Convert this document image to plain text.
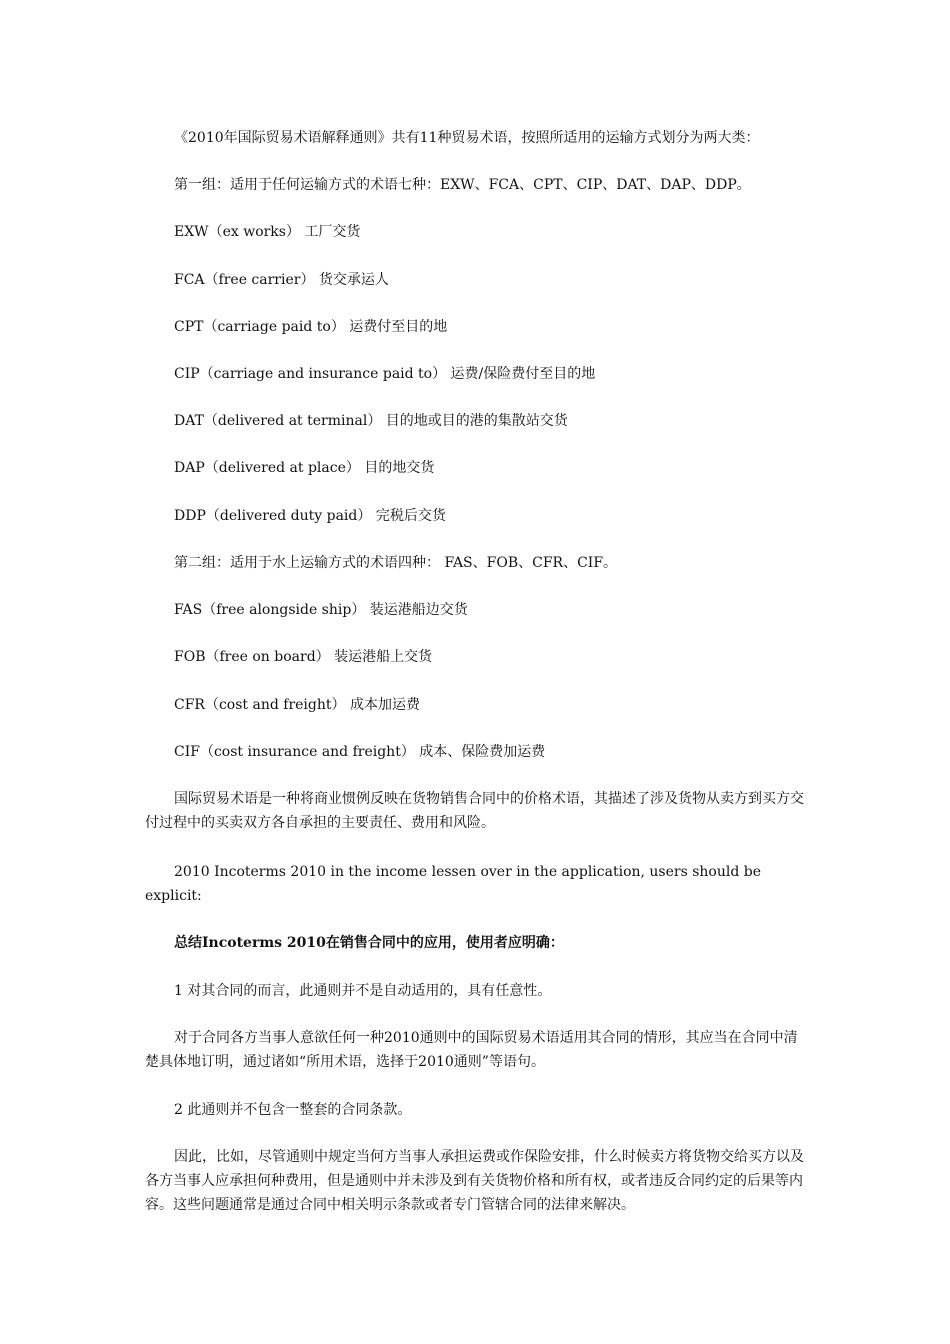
《2010年国际贸易术语解释通则》共有11种贸易术语，按照所适用的运输方式划分为两大类：

第一组：适用于任何运输方式的术语七种：EXW、FCA、CPT、CIP、DAT、DAP、DDP。

EXW（ex works） 工厂交货

FCA（free carrier） 货交承运人

CPT（carriage paid to） 运费付至目的地

CIP（carriage and insurance paid to） 运费/保险费付至目的地

DAT（delivered at terminal） 目的地或目的港的集散站交货

DAP（delivered at place） 目的地交货

DDP（delivered duty paid） 完税后交货

第二组：适用于水上运输方式的术语四种： FAS、FOB、CFR、CIF。

FAS（free alongside ship） 装运港船边交货

FOB（free on board） 装运港船上交货

CFR（cost and freight） 成本加运费

CIF（cost insurance and freight） 成本、保险费加运费

国际贸易术语是一种将商业惯例反映在货物销售合同中的价格术语，其描述了涉及货物从卖方到买方交付过程中的买卖双方各自承担的主要责任、费用和风险。

2010 Incoterms 2010 in the income lessen over in the application, users should be explicit:

总结Incoterms 2010在销售合同中的应用，使用者应明确：

1 对其合同的而言，此通则并不是自动适用的，具有任意性。

对于合同各方当事人意欲任何一种2010通则中的国际贸易术语适用其合同的情形，其应当在合同中清楚具体地订明，通过诸如“所用术语，选择于2010通则”等语句。

2 此通则并不包含一整套的合同条款。

因此，比如，尽管通则中规定当何方当事人承担运费或作保险安排，什么时候卖方将货物交给买方以及各方当事人应承担何种费用，但是通则中并未涉及到有关货物价格和所有权，或者违反合同约定的后果等内容。这些问题通常是通过合同中相关明示条款或者专门管辖合同的法律来解决。
